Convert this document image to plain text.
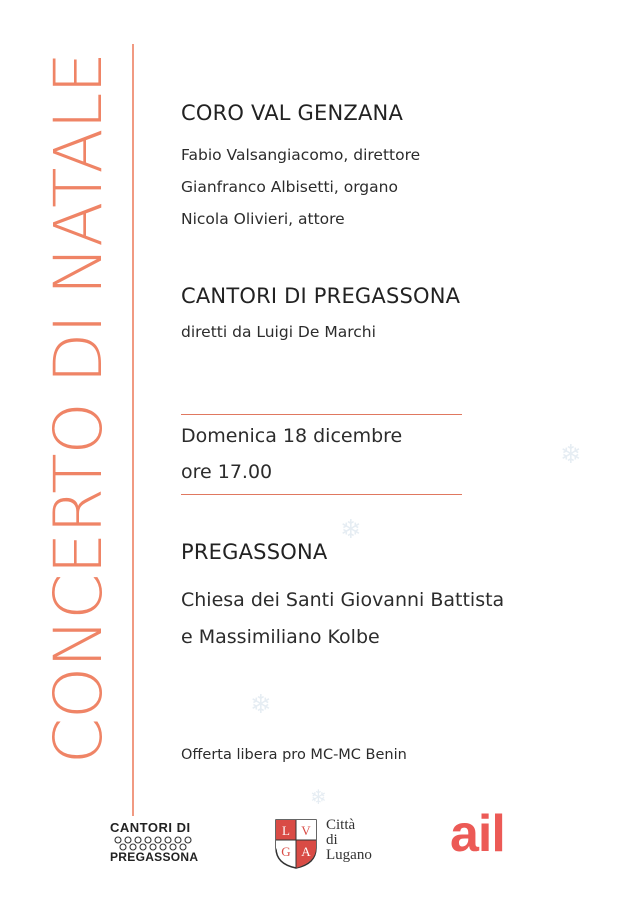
❄
❄
❄
❄
CONCERTO DI NATALE	CORO VAL GENZANA
Fabio Valsangiacomo, direttore
Gianfranco Albisetti, organo
Nicola Olivieri, attore
CANTORI DI PREGASSONA
diretti da Luigi De Marchi
Domenica 18 dicembre
ore 17.00
PREGASSONA
Chiesa dei Santi Giovanni Battista
e Massimiliano Kolbe
Offerta libera pro MC-MC Benin
CANTORI DI
PREGASSONA
L V
G A
Città
di
Lugano ail
